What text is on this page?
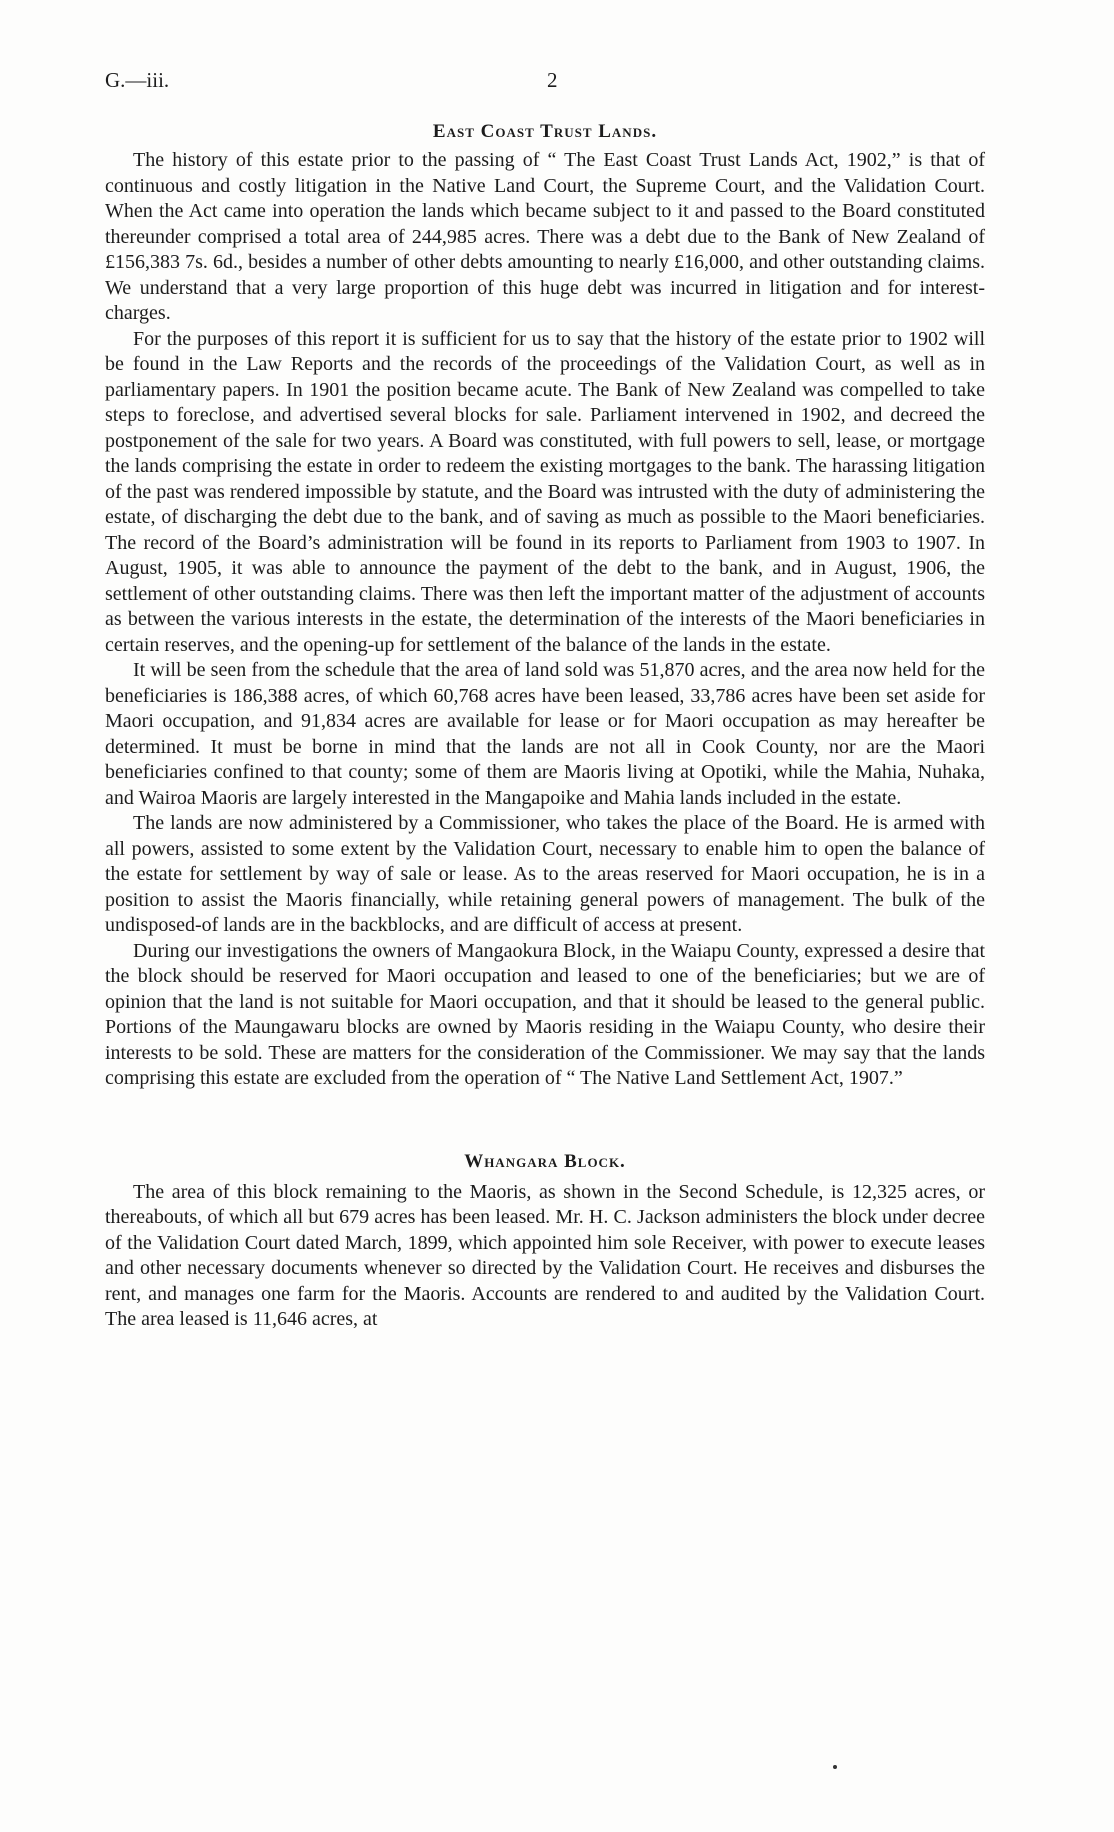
G.—iii.	2
East Coast Trust Lands.

The history of this estate prior to the passing of “ The East Coast Trust Lands Act, 1902,” is that of continuous and costly litigation in the Native Land Court, the Supreme Court, and the Validation Court. When the Act came into operation the lands which became subject to it and passed to the Board constituted thereunder comprised a total area of 244,985 acres. There was a debt due to the Bank of New Zealand of £156,383 7s. 6d., besides a number of other debts amounting to nearly £16,000, and other outstanding claims. We understand that a very large proportion of this huge debt was incurred in litigation and for interest-charges.

For the purposes of this report it is sufficient for us to say that the history of the estate prior to 1902 will be found in the Law Reports and the records of the proceedings of the Validation Court, as well as in parliamentary papers. In 1901 the position became acute. The Bank of New Zealand was compelled to take steps to foreclose, and advertised several blocks for sale. Parliament intervened in 1902, and decreed the postponement of the sale for two years. A Board was constituted, with full powers to sell, lease, or mortgage the lands comprising the estate in order to redeem the existing mortgages to the bank. The harassing litigation of the past was rendered impossible by statute, and the Board was intrusted with the duty of administering the estate, of discharging the debt due to the bank, and of saving as much as possible to the Maori beneficiaries. The record of the Board’s administration will be found in its reports to Parliament from 1903 to 1907. In August, 1905, it was able to announce the payment of the debt to the bank, and in August, 1906, the settlement of other outstanding claims. There was then left the important matter of the adjustment of accounts as between the various interests in the estate, the determination of the interests of the Maori beneficiaries in certain reserves, and the opening-up for settlement of the balance of the lands in the estate.

It will be seen from the schedule that the area of land sold was 51,870 acres, and the area now held for the beneficiaries is 186,388 acres, of which 60,768 acres have been leased, 33,786 acres have been set aside for Maori occupation, and 91,834 acres are available for lease or for Maori occupation as may hereafter be determined. It must be borne in mind that the lands are not all in Cook County, nor are the Maori beneficiaries confined to that county; some of them are Maoris living at Opotiki, while the Mahia, Nuhaka, and Wairoa Maoris are largely interested in the Mangapoike and Mahia lands included in the estate.

The lands are now administered by a Commissioner, who takes the place of the Board. He is armed with all powers, assisted to some extent by the Validation Court, necessary to enable him to open the balance of the estate for settlement by way of sale or lease. As to the areas reserved for Maori occupation, he is in a position to assist the Maoris financially, while retaining general powers of management. The bulk of the undisposed-of lands are in the backblocks, and are difficult of access at present.

During our investigations the owners of Mangaokura Block, in the Waiapu County, expressed a desire that the block should be reserved for Maori occupation and leased to one of the beneficiaries; but we are of opinion that the land is not suitable for Maori occupation, and that it should be leased to the general public. Portions of the Maungawaru blocks are owned by Maoris residing in the Waiapu County, who desire their interests to be sold. These are matters for the consideration of the Commissioner. We may say that the lands comprising this estate are excluded from the operation of “ The Native Land Settlement Act, 1907.”

Whangara Block.

The area of this block remaining to the Maoris, as shown in the Second Schedule, is 12,325 acres, or thereabouts, of which all but 679 acres has been leased. Mr. H. C. Jackson administers the block under decree of the Validation Court dated March, 1899, which appointed him sole Receiver, with power to execute leases and other necessary documents whenever so directed by the Validation Court. He receives and disburses the rent, and manages one farm for the Maoris. Accounts are rendered to and audited by the Validation Court. The area leased is 11,646 acres, at
